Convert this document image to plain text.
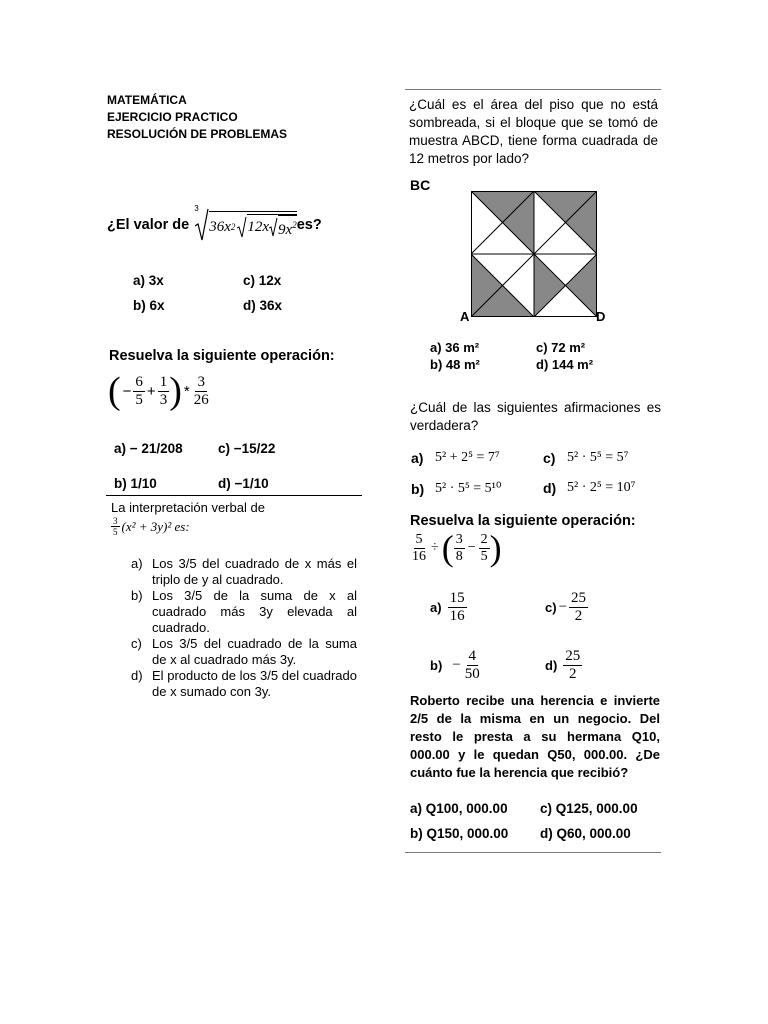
MATEMÁTICA
EJERCICIO PRACTICO
RESOLUCIÓN DE PROBLEMAS
¿El valor de
3
36x 2 12x $9x^2$ es?
a) 3x	c) 12x
b) 6x	d) 36x
Resuelva la siguiente operación:
( − $\frac{6}{5} + \frac{1}{3}$ ) * $\frac{3}{26}$
a) − 21/208	c) −15/22
b) 1/10	d) −1/10
La interpretación verbal de
$\frac{3}{5} (x^2 + 3y)^2$ es:
a) Los 3/5 del cuadrado de x más el triplo de y al cuadrado.
b) Los 3/5 de la suma de x al cuadrado más 3y elevada al cuadrado.
c) Los 3/5 del cuadrado de la suma de x al cuadrado más 3y.
d) El producto de los 3/5 del cuadrado de x sumado con 3y.
¿Cuál es el área del piso que no está sombreada, si el bloque que se tomó de muestra ABCD, tiene forma cuadrada de 12 metros por lado?
BC
A	D
a) 36 m²	c) 72 m²
b) 48 m²	d) 144 m²
¿Cuál de las siguientes afirmaciones es verdadera?
a) 5² + 2⁵ = 7⁷	c) 5² · 5⁵ = 5⁷
b) 5² · 5⁵ = 5¹⁰	d) 5² · 2⁵ = 10⁷
Resuelva la siguiente operación:
$\frac{5}{16}$ ÷ ( $\frac{3}{8} - \frac{2}{5}$ )
$a) \frac{15}{16}$	$c) - \frac{25}{2}$
$b) - \frac{4}{50}$	$d) \frac{25}{2}$
Roberto recibe una herencia e invierte 2/5 de la misma en un negocio. Del resto le presta a su hermana Q10, 000.00 y le quedan Q50, 000.00. ¿De cuánto fue la herencia que recibió?
a) Q100, 000.00 c) Q125, 000.00
b) Q150, 000.00 d) Q60, 000.00
